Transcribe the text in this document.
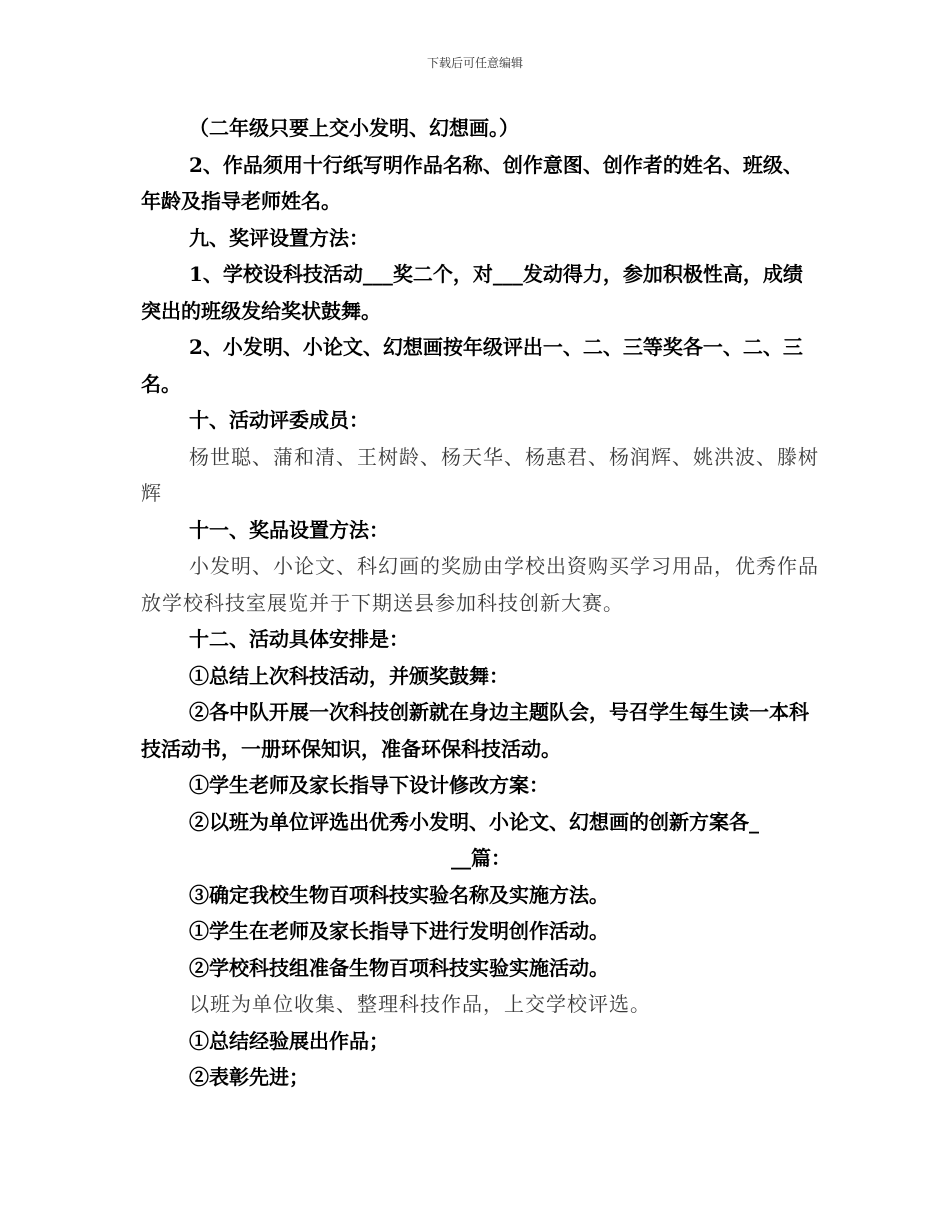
下载后可任意编辑

（二年级只要上交小发明、幻想画。）

2、作品须用十行纸写明作品名称、创作意图、创作者的姓名、班级、年龄及指导老师姓名。

九、奖评设置方法：

1、学校设科技活动___奖二个，对___发动得力，参加积极性高，成绩突出的班级发给奖状鼓舞。

2、小发明、小论文、幻想画按年级评出一、二、三等奖各一、二、三名。

十、活动评委成员：

杨世聪、蒲和清、王树龄、杨天华、杨惠君、杨润辉、姚洪波、滕树辉

十一、奖品设置方法：

小发明、小论文、科幻画的奖励由学校出资购买学习用品，优秀作品放学校科技室展览并于下期送县参加科技创新大赛。

十二、活动具体安排是：

①总结上次科技活动，并颁奖鼓舞：

②各中队开展一次科技创新就在身边主题队会，号召学生每生读一本科技活动书，一册环保知识，准备环保科技活动。

①学生老师及家长指导下设计修改方案：

②以班为单位评选出优秀小发明、小论文、幻想画的创新方案各_

__篇：

③确定我校生物百项科技实验名称及实施方法。

①学生在老师及家长指导下进行发明创作活动。

②学校科技组准备生物百项科技实验实施活动。

以班为单位收集、整理科技作品，上交学校评选。

①总结经验展出作品；

②表彰先进；
